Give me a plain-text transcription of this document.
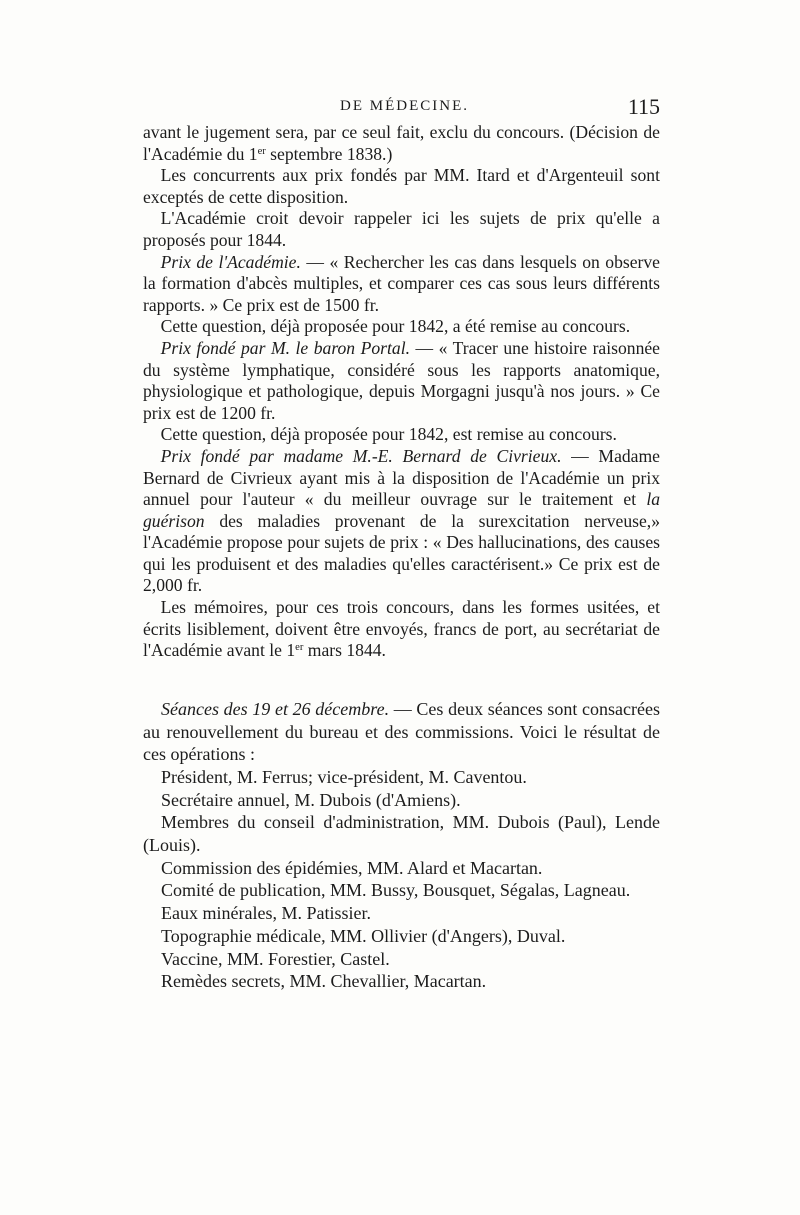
DE MÉDECINE.	115

avant le jugement sera, par ce seul fait, exclu du concours. (Décision de l'Académie du 1er septembre 1838.)

Les concurrents aux prix fondés par MM. Itard et d'Argenteuil sont exceptés de cette disposition.

L'Académie croit devoir rappeler ici les sujets de prix qu'elle a proposés pour 1844.

Prix de l'Académie. — « Rechercher les cas dans lesquels on observe la formation d'abcès multiples, et comparer ces cas sous leurs différents rapports. » Ce prix est de 1500 fr.

Cette question, déjà proposée pour 1842, a été remise au concours.

Prix fondé par M. le baron Portal. — « Tracer une histoire raisonnée du système lymphatique, considéré sous les rapports anatomique, physiologique et pathologique, depuis Morgagni jusqu'à nos jours. » Ce prix est de 1200 fr.

Cette question, déjà proposée pour 1842, est remise au concours.

Prix fondé par madame M.-E. Bernard de Civrieux. — Madame Bernard de Civrieux ayant mis à la disposition de l'Académie un prix annuel pour l'auteur « du meilleur ouvrage sur le traitement et la guérison des maladies provenant de la surexcitation nerveuse,» l'Académie propose pour sujets de prix : « Des hallucinations, des causes qui les produisent et des maladies qu'elles caractérisent.» Ce prix est de 2,000 fr.

Les mémoires, pour ces trois concours, dans les formes usitées, et écrits lisiblement, doivent être envoyés, francs de port, au secrétariat de l'Académie avant le 1er mars 1844.

Séances des 19 et 26 décembre. — Ces deux séances sont consacrées au renouvellement du bureau et des commissions. Voici le résultat de ces opérations :

Président, M. Ferrus; vice-président, M. Caventou.

Secrétaire annuel, M. Dubois (d'Amiens).

Membres du conseil d'administration, MM. Dubois (Paul), Lende (Louis).

Commission des épidémies, MM. Alard et Macartan.

Comité de publication, MM. Bussy, Bousquet, Ségalas, Lagneau.

Eaux minérales, M. Patissier.

Topographie médicale, MM. Ollivier (d'Angers), Duval.

Vaccine, MM. Forestier, Castel.

Remèdes secrets, MM. Chevallier, Macartan.
